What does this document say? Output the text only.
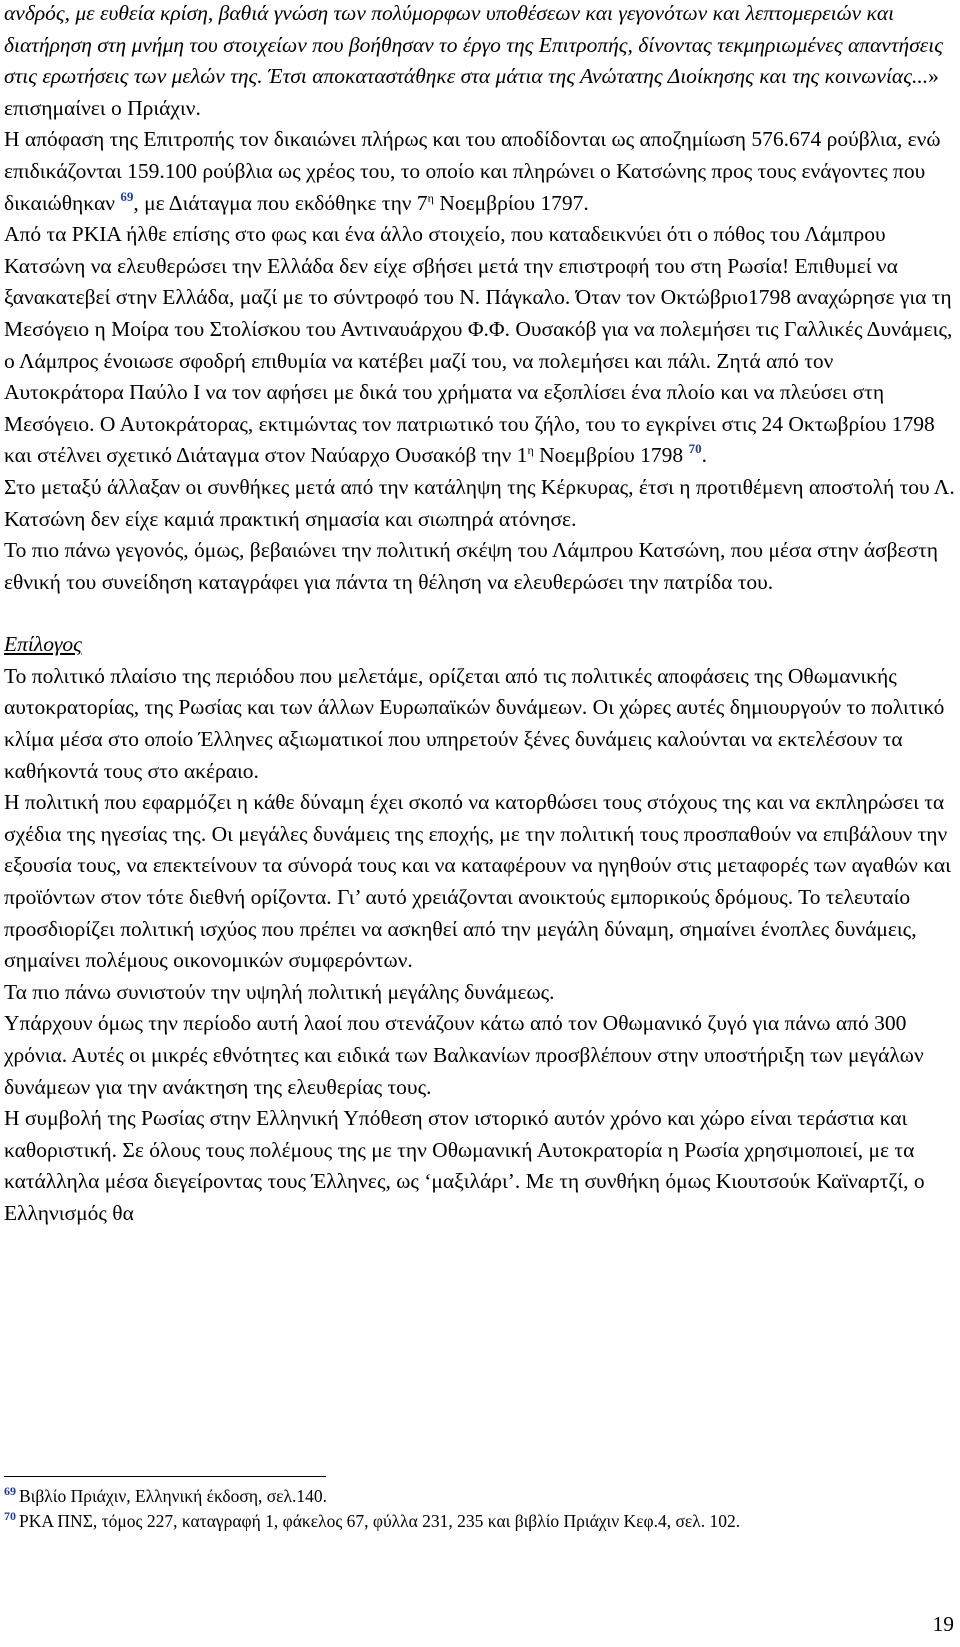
ανδρός, με ευθεία κρίση, βαθιά γνώση των πολύμορφων υποθέσεων και γεγονότων και λεπτομερειών και διατήρηση στη μνήμη του στοιχείων που βοήθησαν το έργο της Επιτροπής, δίνοντας τεκμηριωμένες απαντήσεις στις ερωτήσεις των μελών της. Έτσι αποκαταστάθηκε στα μάτια της Ανώτατης Διοίκησης και της κοινωνίας...» επισημαίνει ο Πριάχιν.

Η απόφαση της Επιτροπής τον δικαιώνει πλήρως και του αποδίδονται ως αποζημίωση 576.674 ρούβλια, ενώ επιδικάζονται 159.100 ρούβλια ως χρέος του, το οποίο και πληρώνει ο Κατσώνης προς τους ενάγοντες που δικαιώθηκαν $^{69}$, με Διάταγμα που εκδόθηκε την $7^\eta$ Νοεμβρίου 1797.

Από τα ΡΚΙΑ ήλθε επίσης στο φως και ένα άλλο στοιχείο, που καταδεικνύει ότι ο πόθος του Λάμπρου Κατσώνη να ελευθερώσει την Ελλάδα δεν είχε σβήσει μετά την επιστροφή του στη Ρωσία! Επιθυμεί να ξανακατεβεί στην Ελλάδα, μαζί με το σύντροφό του Ν. Πάγκαλο. Όταν τον Οκτώβριο1798 αναχώρησε για τη Μεσόγειο η Μοίρα του Στολίσκου του Αντιναυάρχου Φ.Φ. Ουσακόβ για να πολεμήσει τις Γαλλικές Δυνάμεις, ο Λάμπρος ένοιωσε σφοδρή επιθυμία να κατέβει μαζί του, να πολεμήσει και πάλι. Ζητά από τον Αυτοκράτορα Παύλο Ι να τον αφήσει με δικά του χρήματα να εξοπλίσει ένα πλοίο και να πλεύσει στη Μεσόγειο. Ο Αυτοκράτορας, εκτιμώντας τον πατριωτικό του ζήλο, του το εγκρίνει στις 24 Οκτωβρίου 1798 και στέλνει σχετικό Διάταγμα στον Ναύαρχο Ουσακόβ την $1^\eta$ Νοεμβρίου 1798 $^{70}$.

Στο μεταξύ άλλαξαν οι συνθήκες μετά από την κατάληψη της Κέρκυρας, έτσι η προτιθέμενη αποστολή του Λ. Κατσώνη δεν είχε καμιά πρακτική σημασία και σιωπηρά ατόνησε.

Το πιο πάνω γεγονός, όμως, βεβαιώνει την πολιτική σκέψη του Λάμπρου Κατσώνη, που μέσα στην άσβεστη εθνική του συνείδηση καταγράφει για πάντα τη θέληση να ελευθερώσει την πατρίδα του.

Επίλογος

Το πολιτικό πλαίσιο της περιόδου που μελετάμε, ορίζεται από τις πολιτικές αποφάσεις της Οθωμανικής αυτοκρατορίας, της Ρωσίας και των άλλων Ευρωπαϊκών δυνάμεων. Οι χώρες αυτές δημιουργούν το πολιτικό κλίμα μέσα στο οποίο Έλληνες αξιωματικοί που υπηρετούν ξένες δυνάμεις καλούνται να εκτελέσουν τα καθήκοντά τους στο ακέραιο.

Η πολιτική που εφαρμόζει η κάθε δύναμη έχει σκοπό να κατορθώσει τους στόχους της και να εκπληρώσει τα σχέδια της ηγεσίας της. Οι μεγάλες δυνάμεις της εποχής, με την πολιτική τους προσπαθούν να επιβάλουν την εξουσία τους, να επεκτείνουν τα σύνορά τους και να καταφέρουν να ηγηθούν στις μεταφορές των αγαθών και προϊόντων στον τότε διεθνή ορίζοντα. Γι’ αυτό χρειάζονται ανοικτούς εμπορικούς δρόμους. Το τελευταίο προσδιορίζει πολιτική ισχύος που πρέπει να ασκηθεί από την μεγάλη δύναμη, σημαίνει ένοπλες δυνάμεις, σημαίνει πολέμους οικονομικών συμφερόντων.

Τα πιο πάνω συνιστούν την υψηλή πολιτική μεγάλης δυνάμεως.

Υπάρχουν όμως την περίοδο αυτή λαοί που στενάζουν κάτω από τον Οθωμανικό ζυγό για πάνω από 300 χρόνια. Αυτές οι μικρές εθνότητες και ειδικά των Βαλκανίων προσβλέπουν στην υποστήριξη των μεγάλων δυνάμεων για την ανάκτηση της ελευθερίας τους.

Η συμβολή της Ρωσίας στην Ελληνική Υπόθεση στον ιστορικό αυτόν χρόνο και χώρο είναι τεράστια και καθοριστική. Σε όλους τους πολέμους της με την Οθωμανική Αυτοκρατορία η Ρωσία χρησιμοποιεί, με τα κατάλληλα μέσα διεγείροντας τους Έλληνες, ως ‘μαξιλάρι’. Με τη συνθήκη όμως Κιουτσούκ Καϊναρτζί, ο Ελληνισμός θα

$^{69}$ Βιβλίο Πριάχιν, Ελληνική έκδοση, σελ.140.

$^{70}$ ΡΚΑ ΠΝΣ, τόμος 227, καταγραφή 1, φάκελος 67, φύλλα 231, 235 και βιβλίο Πριάχιν Κεφ.4, σελ. 102.

19
